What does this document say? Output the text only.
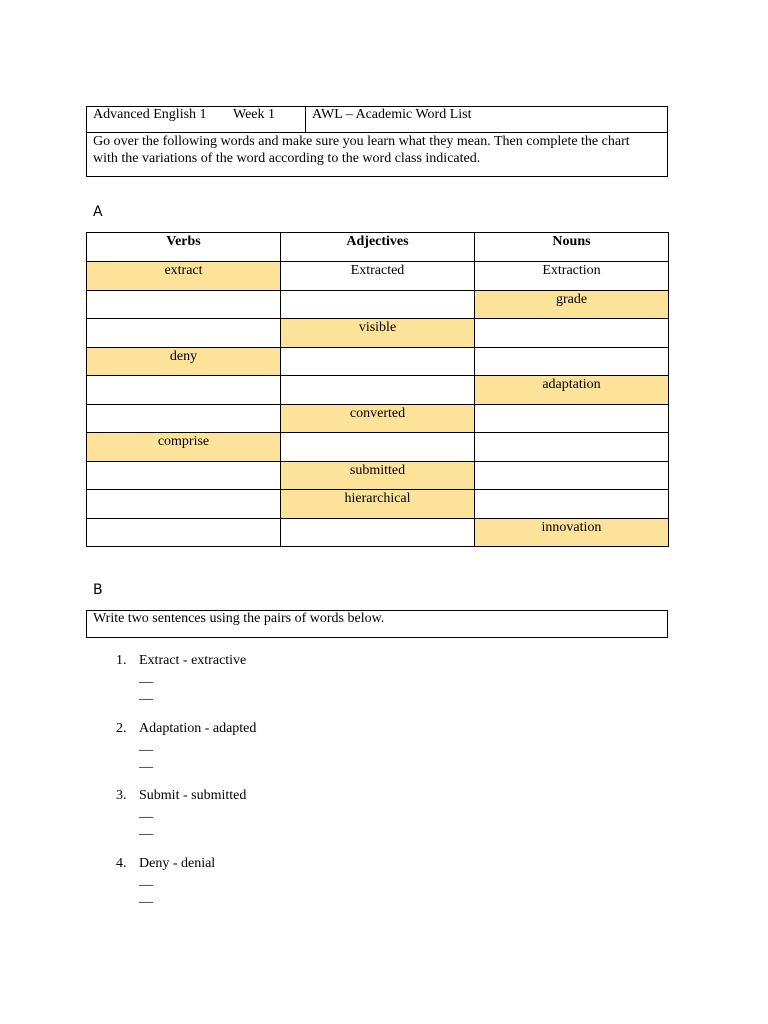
Advanced English 1 Week 1	AWL – Academic Word List
Go over the following words and make sure you learn what they mean. Then complete the chart with the variations of the word according to the word class indicated.
A
Verbs	Adjectives	Nouns
extract	Extracted	Extraction
		grade
	visible	
deny		
		adaptation
	converted	
comprise		
	submitted	
	hierarchical	
		innovation
B
Write two sentences using the pairs of words below.
1. Extract - extractive
__
__
2. Adaptation - adapted
__
__
3. Submit - submitted
__
__
4. Deny - denial
__
__
